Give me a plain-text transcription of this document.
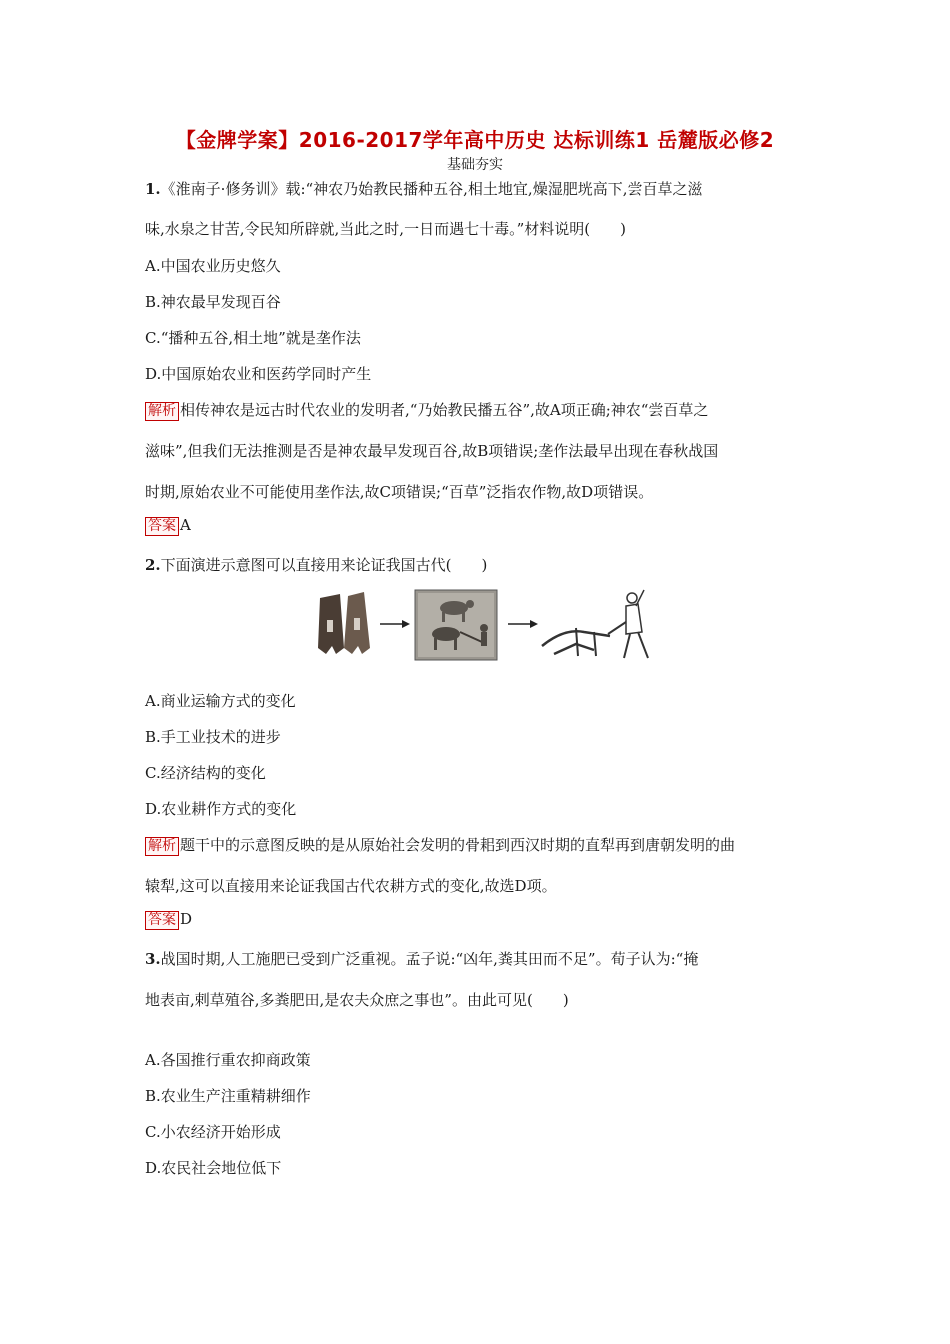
【金牌学案】2016-2017学年高中历史 达标训练1 岳麓版必修2
基础夯实
1.《淮南子·修务训》载:“神农乃始教民播种五谷,相土地宜,燥湿肥垙高下,尝百草之滋
味,水泉之甘苦,令民知所辟就,当此之时,一日而遇七十毒。”材料说明(　　)
A.中国农业历史悠久
B.神农最早发现百谷
C.“播种五谷,相土地”就是垄作法
D.中国原始农业和医药学同时产生
解析 相传神农是远古时代农业的发明者,“乃始教民播五谷”,故A项正确;神农“尝百草之
滋味”,但我们无法推测是否是神农最早发现百谷,故B项错误;垄作法最早出现在春秋战国
时期,原始农业不可能使用垄作法,故C项错误;“百草”泛指农作物,故D项错误。
答案 A
2.下面演进示意图可以直接用来论证我国古代(　　)
A.商业运输方式的变化
B.手工业技术的进步
C.经济结构的变化
D.农业耕作方式的变化
解析 题干中的示意图反映的是从原始社会发明的骨耜到西汉时期的直犁再到唐朝发明的曲
辕犁,这可以直接用来论证我国古代农耕方式的变化,故选D项。
答案 D
3.战国时期,人工施肥已受到广泛重视。孟子说:“凶年,粪其田而不足”。荀子认为:“掩
地表亩,剌草殖谷,多粪肥田,是农夫众庶之事也”。由此可见(　　)
A.各国推行重农抑商政策
B.农业生产注重精耕细作
C.小农经济开始形成
D.农民社会地位低下
